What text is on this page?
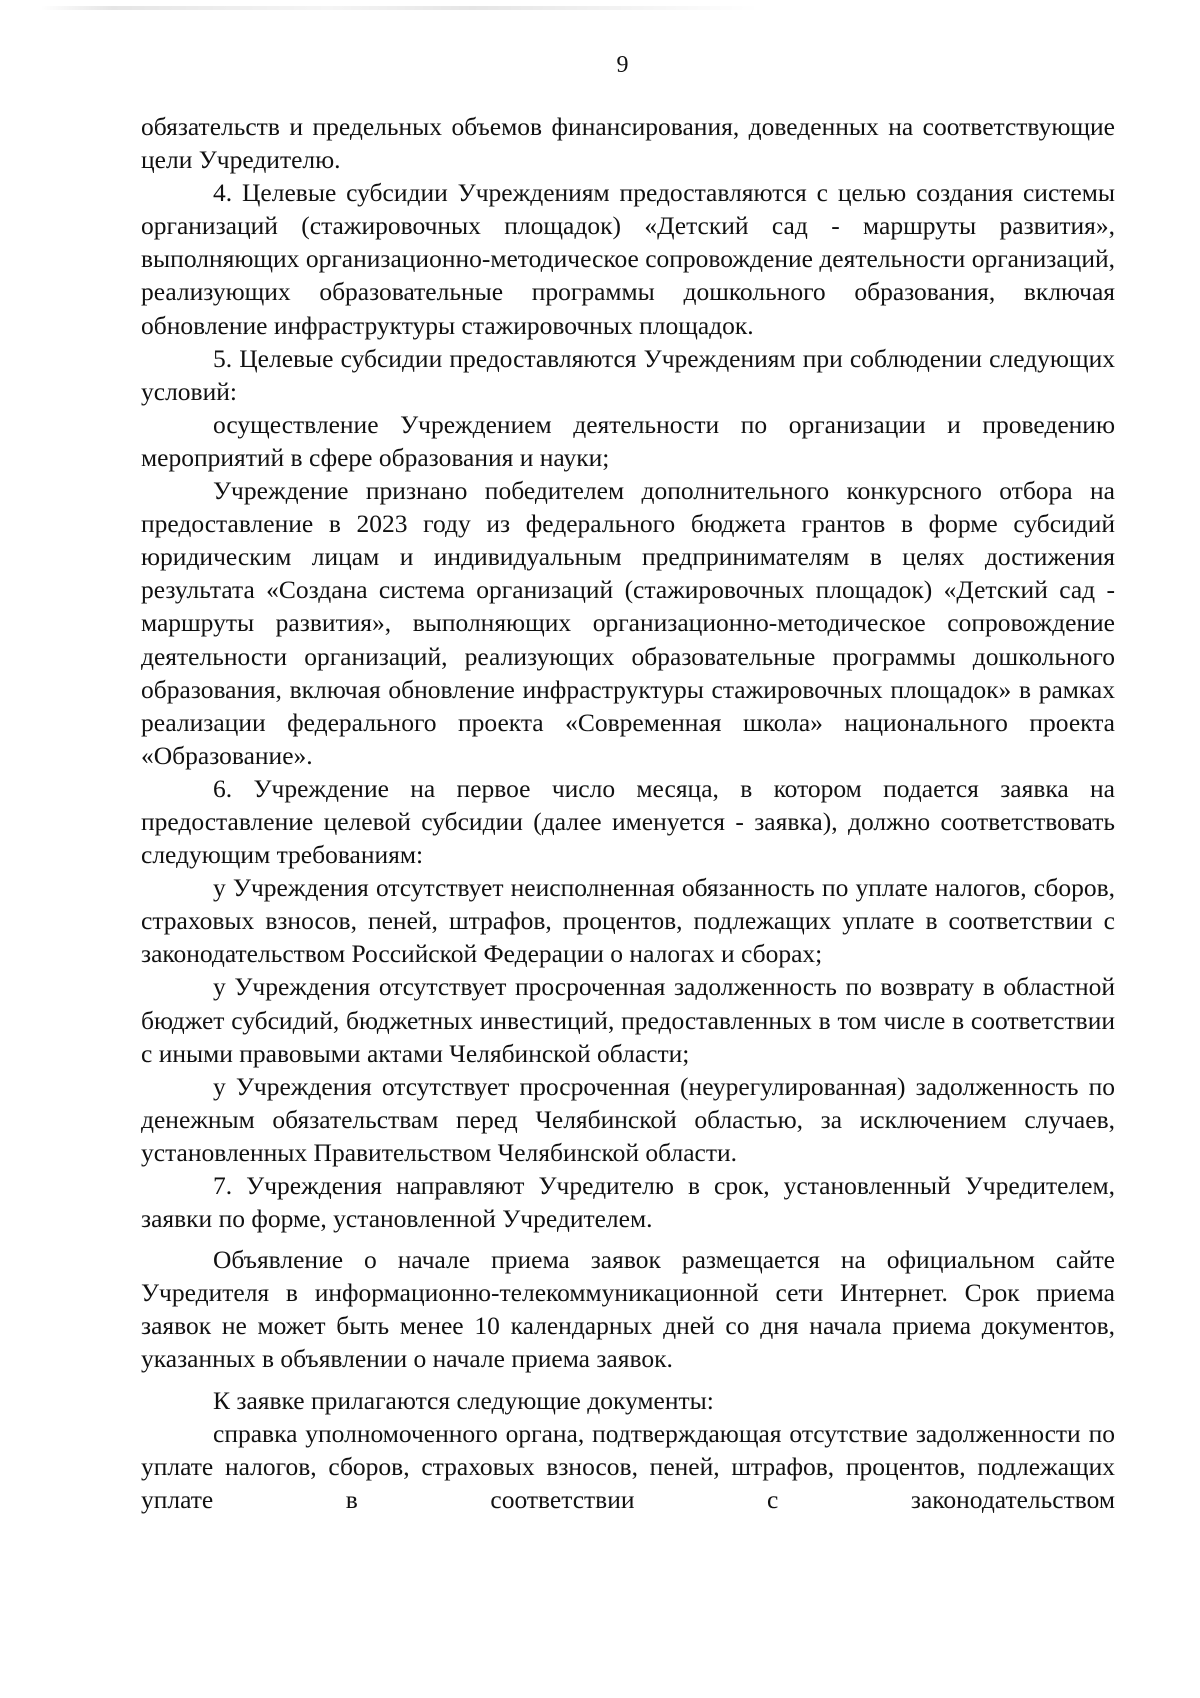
9

обязательств и предельных объемов финансирования, доведенных на соответствующие цели Учредителю.

4. Целевые субсидии Учреждениям предоставляются с целью создания системы организаций (стажировочных площадок) «Детский сад - маршруты развития», выполняющих организационно-методическое сопровождение деятельности организаций, реализующих образовательные программы дошкольного образования, включая обновление инфраструктуры стажировочных площадок.

5. Целевые субсидии предоставляются Учреждениям при соблюдении следующих условий:

осуществление Учреждением деятельности по организации и проведению мероприятий в сфере образования и науки;

Учреждение признано победителем дополнительного конкурсного отбора на предоставление в 2023 году из федерального бюджета грантов в форме субсидий юридическим лицам и индивидуальным предпринимателям в целях достижения результата «Создана система организаций (стажировочных площадок) «Детский сад - маршруты развития», выполняющих организационно-методическое сопровождение деятельности организаций, реализующих образовательные программы дошкольного образования, включая обновление инфраструктуры стажировочных площадок» в рамках реализации федерального проекта «Современная школа» национального проекта «Образование».

6. Учреждение на первое число месяца, в котором подается заявка на предоставление целевой субсидии (далее именуется - заявка), должно соответствовать следующим требованиям:

у Учреждения отсутствует неисполненная обязанность по уплате налогов, сборов, страховых взносов, пеней, штрафов, процентов, подлежащих уплате в соответствии с законодательством Российской Федерации о налогах и сборах;

у Учреждения отсутствует просроченная задолженность по возврату в областной бюджет субсидий, бюджетных инвестиций, предоставленных в том числе в соответствии с иными правовыми актами Челябинской области;

у Учреждения отсутствует просроченная (неурегулированная) задолженность по денежным обязательствам перед Челябинской областью, за исключением случаев, установленных Правительством Челябинской области.

7. Учреждения направляют Учредителю в срок, установленный Учредителем, заявки по форме, установленной Учредителем.

Объявление о начале приема заявок размещается на официальном сайте Учредителя в информационно-телекоммуникационной сети Интернет. Срок приема заявок не может быть менее 10 календарных дней со дня начала приема документов, указанных в объявлении о начале приема заявок.

К заявке прилагаются следующие документы:

справка уполномоченного органа, подтверждающая отсутствие задолженности по уплате налогов, сборов, страховых взносов, пеней, штрафов, процентов, подлежащих уплате в соответствии с законодательством
